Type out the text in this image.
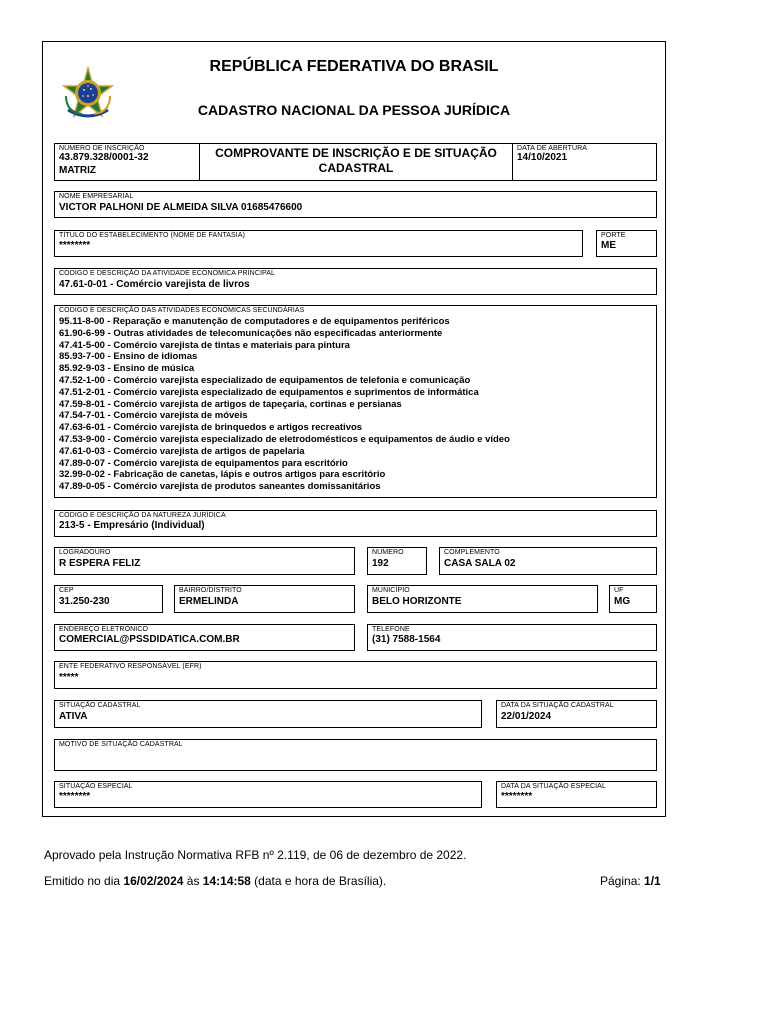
REPÚBLICA FEDERATIVA DO BRASIL
CADASTRO NACIONAL DA PESSOA JURÍDICA
NÚMERO DE INSCRIÇÃO
43.879.328/0001-32
MATRIZ
COMPROVANTE DE INSCRIÇÃO E DE SITUAÇÃO
CADASTRAL
DATA DE ABERTURA
14/10/2021
NOME EMPRESARIAL
VICTOR PALHONI DE ALMEIDA SILVA 01685476600
TÍTULO DO ESTABELECIMENTO (NOME DE FANTASIA)
********
PORTE
ME
CÓDIGO E DESCRIÇÃO DA ATIVIDADE ECONÔMICA PRINCIPAL
47.61-0-01 - Comércio varejista de livros
CÓDIGO E DESCRIÇÃO DAS ATIVIDADES ECONÔMICAS SECUNDÁRIAS
95.11-8-00 - Reparação e manutenção de computadores e de equipamentos periféricos
61.90-6-99 - Outras atividades de telecomunicações não especificadas anteriormente
47.41-5-00 - Comércio varejista de tintas e materiais para pintura
85.93-7-00 - Ensino de idiomas
85.92-9-03 - Ensino de música
47.52-1-00 - Comércio varejista especializado de equipamentos de telefonia e comunicação
47.51-2-01 - Comércio varejista especializado de equipamentos e suprimentos de informática
47.59-8-01 - Comércio varejista de artigos de tapeçaria, cortinas e persianas
47.54-7-01 - Comércio varejista de móveis
47.63-6-01 - Comércio varejista de brinquedos e artigos recreativos
47.53-9-00 - Comércio varejista especializado de eletrodomésticos e equipamentos de áudio e vídeo
47.61-0-03 - Comércio varejista de artigos de papelaria
47.89-0-07 - Comércio varejista de equipamentos para escritório
32.99-0-02 - Fabricação de canetas, lápis e outros artigos para escritório
47.89-0-05 - Comércio varejista de produtos saneantes domissanitários
CÓDIGO E DESCRIÇÃO DA NATUREZA JURÍDICA
213-5 - Empresário (Individual)
LOGRADOURO
R ESPERA FELIZ
NÚMERO
192
COMPLEMENTO
CASA SALA 02
CEP
31.250-230
BAIRRO/DISTRITO
ERMELINDA
MUNICÍPIO
BELO HORIZONTE
UF
MG
ENDEREÇO ELETRÔNICO
COMERCIAL@PSSDIDATICA.COM.BR
TELEFONE
(31) 7588-1564
ENTE FEDERATIVO RESPONSÁVEL (EFR)
*****
SITUAÇÃO CADASTRAL
ATIVA
DATA DA SITUAÇÃO CADASTRAL
22/01/2024
MOTIVO DE SITUAÇÃO CADASTRAL
SITUAÇÃO ESPECIAL
********
DATA DA SITUAÇÃO ESPECIAL
********
Aprovado pela Instrução Normativa RFB nº 2.119, de 06 de dezembro de 2022.
Emitido no dia 16/02/2024 às 14:14:58 (data e hora de Brasília).	Página: 1/1
